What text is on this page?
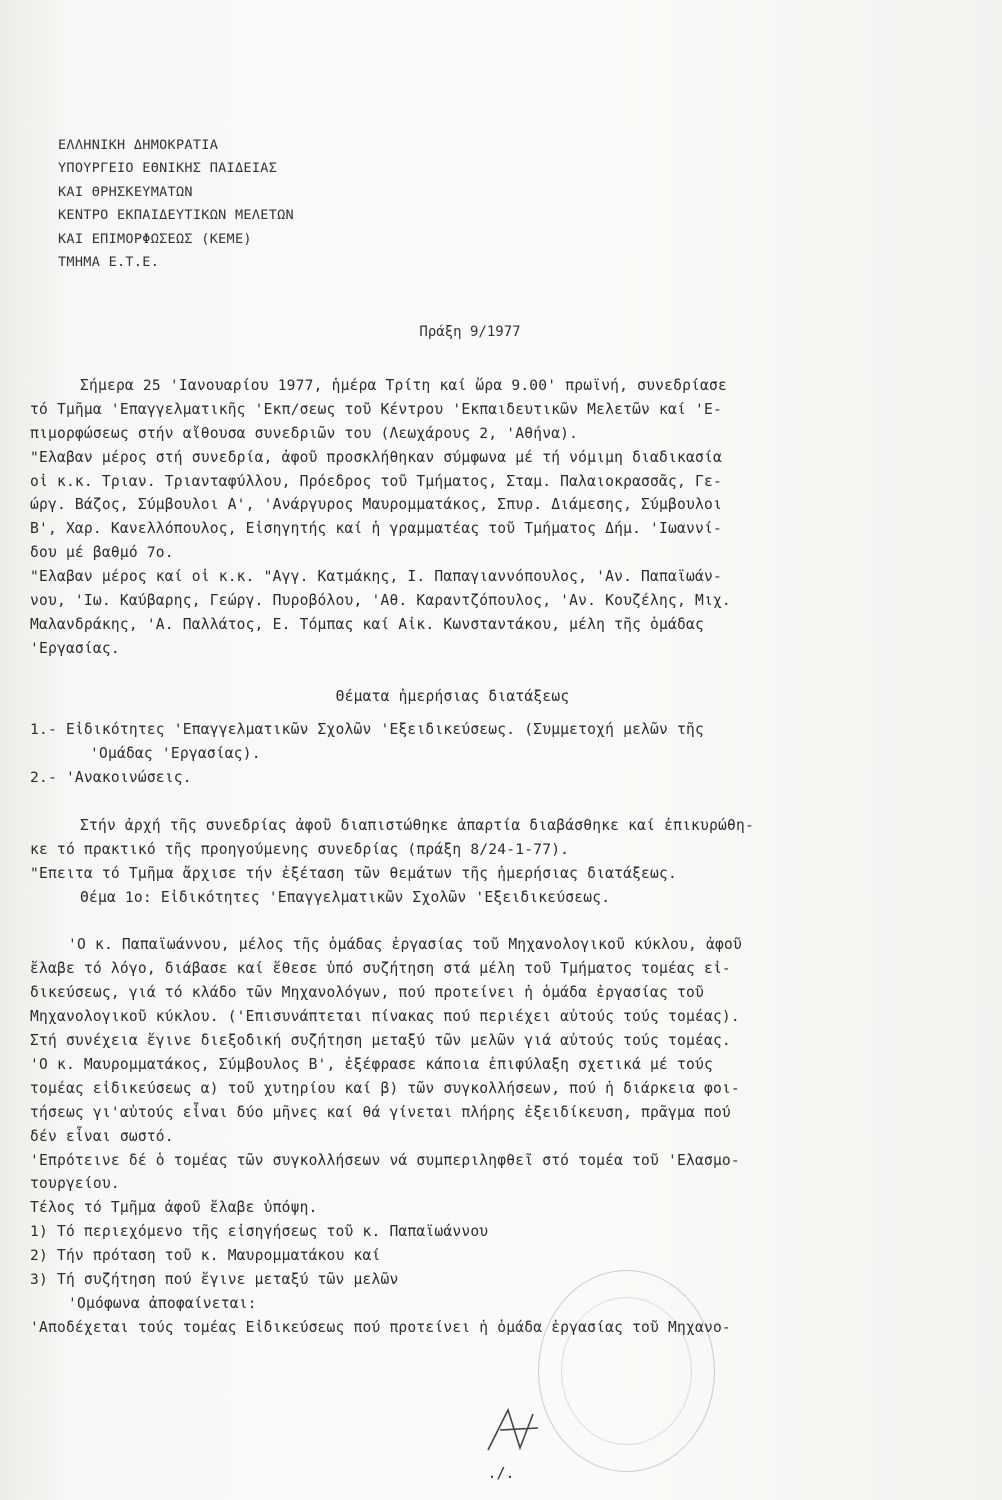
ΕΛΛΗΝΙΚΗ ΔΗΜΟΚΡΑΤΙΑ
ΥΠΟΥΡΓΕΙΟ ΕΘΝΙΚΗΣ ΠΑΙΔΕΙΑΣ
ΚΑΙ ΘΡΗΣΚΕΥΜΑΤΩΝ
ΚΕΝΤΡΟ ΕΚΠΑΙΔΕΥΤΙΚΩΝ ΜΕΛΕΤΩΝ
ΚΑΙ ΕΠΙΜΟΡΦΩΣΕΩΣ (ΚΕΜΕ)
ΤΜΗΜΑ Ε.Τ.Ε.
Πράξη 9/1977
Σήμερα 25 'Ιανουαρίου 1977, ἡμέρα Τρίτη καί ὥρα 9.00' πρωϊνή, συνεδρίασε
τό Τμῆμα 'Επαγγελματικῆς 'Εκπ/σεως τοῦ Κέντρου 'Εκπαιδευτικῶν Μελετῶν καί 'Ε-
πιμορφώσεως στήν αἴθουσα συνεδριῶν του (Λεωχάρους 2, 'Αθήνα).
"Ελαβαν μέρος στή συνεδρία, ἀφοῦ προσκλήθηκαν σύμφωνα μέ τή νόμιμη διαδικασία
οἱ κ.κ. Τριαν. Τριανταφύλλου, Πρόεδρος τοῦ Τμήματος, Σταμ. Παλαιοκρασσᾶς, Γε-
ώργ. Βάζος, Σύμβουλοι Α', 'Ανάργυρος Μαυρομματάκος, Σπυρ. Διάμεσης, Σύμβουλοι
Β', Χαρ. Κανελλόπουλος, Εἰσηγητής καί ἡ γραμματέας τοῦ Τμήματος Δήμ. 'Ιωαννί-
δου μέ βαθμό 7ο.
"Ελαβαν μέρος καί οἱ κ.κ. "Αγγ. Κατμάκης, Ι. Παπαγιαννόπουλος, 'Αν. Παπαϊωάν-
νου, 'Ιω. Καύβαρης, Γεώργ. Πυροβόλου, 'Αθ. Καραντζόπουλος, 'Αν. Κουζέλης, Μιχ.
Μαλανδράκης, 'Α. Παλλάτος, Ε. Τόμπας καί Αἰκ. Κωνσταντάκου, μέλη τῆς ὁμάδας
'Εργασίας.
Θέματα ἡμερήσιας διατάξεως
1.- Εἰδικότητες 'Επαγγελματικῶν Σχολῶν 'Εξειδικεύσεως. (Συμμετοχή μελῶν τῆς
'Ομάδας 'Εργασίας).
2.- 'Ανακοινώσεις.
Στήν ἀρχή τῆς συνεδρίας ἀφοῦ διαπιστώθηκε ἀπαρτία διαβάσθηκε καί ἐπικυρώθη-
κε τό πρακτικό τῆς προηγούμενης συνεδρίας (πράξη 8/24-1-77).
"Επειτα τό Τμῆμα ἄρχισε τήν ἐξέταση τῶν θεμάτων τῆς ἡμερήσιας διατάξεως.
Θέμα 1ο: Εἰδικότητες 'Επαγγελματικῶν Σχολῶν 'Εξειδικεύσεως.
'Ο κ. Παπαϊωάννου, μέλος τῆς ὁμάδας ἐργασίας τοῦ Μηχανολογικοῦ κύκλου, ἀφοῦ
ἔλαβε τό λόγο, διάβασε καί ἔθεσε ὑπό συζήτηση στά μέλη τοῦ Τμήματος τομέας εἰ-
δικεύσεως, γιά τό κλάδο τῶν Μηχανολόγων, πού προτείνει ἡ ὁμάδα ἐργασίας τοῦ
Μηχανολογικοῦ κύκλου. ('Επισυνάπτεται πίνακας πού περιέχει αὐτούς τούς τομέας).
Στή συνέχεια ἔγινε διεξοδική συζήτηση μεταξύ τῶν μελῶν γιά αὐτούς τούς τομέας.
'Ο κ. Μαυρομματάκος, Σύμβουλος Β', ἐξέφρασε κάποια ἐπιφύλαξη σχετικά μέ τούς
τομέας εἰδικεύσεως α) τοῦ χυτηρίου καί β) τῶν συγκολλήσεων, πού ἡ διάρκεια φοι-
τήσεως γι'αὐτούς εἶναι δύο μῆνες καί θά γίνεται πλήρης ἐξειδίκευση, πρᾶγμα πού
δέν εἶναι σωστό.
'Επρότεινε δέ ὁ τομέας τῶν συγκολλήσεων νά συμπεριληφθεῖ στό τομέα τοῦ 'Ελασμο-
τουργείου.
Τέλος τό Τμῆμα ἀφοῦ ἔλαβε ὑπόψη.
1) Τό περιεχόμενο τῆς εἰσηγήσεως τοῦ κ. Παπαϊωάννου
2) Τήν πρόταση τοῦ κ. Μαυρομματάκου καί
3) Τή συζήτηση πού ἔγινε μεταξύ τῶν μελῶν
'Ομόφωνα ἀποφαίνεται:
'Αποδέχεται τούς τομέας Εἰδικεύσεως πού προτείνει ἡ ὁμάδα ἐργασίας τοῦ Μηχανο-
./.
